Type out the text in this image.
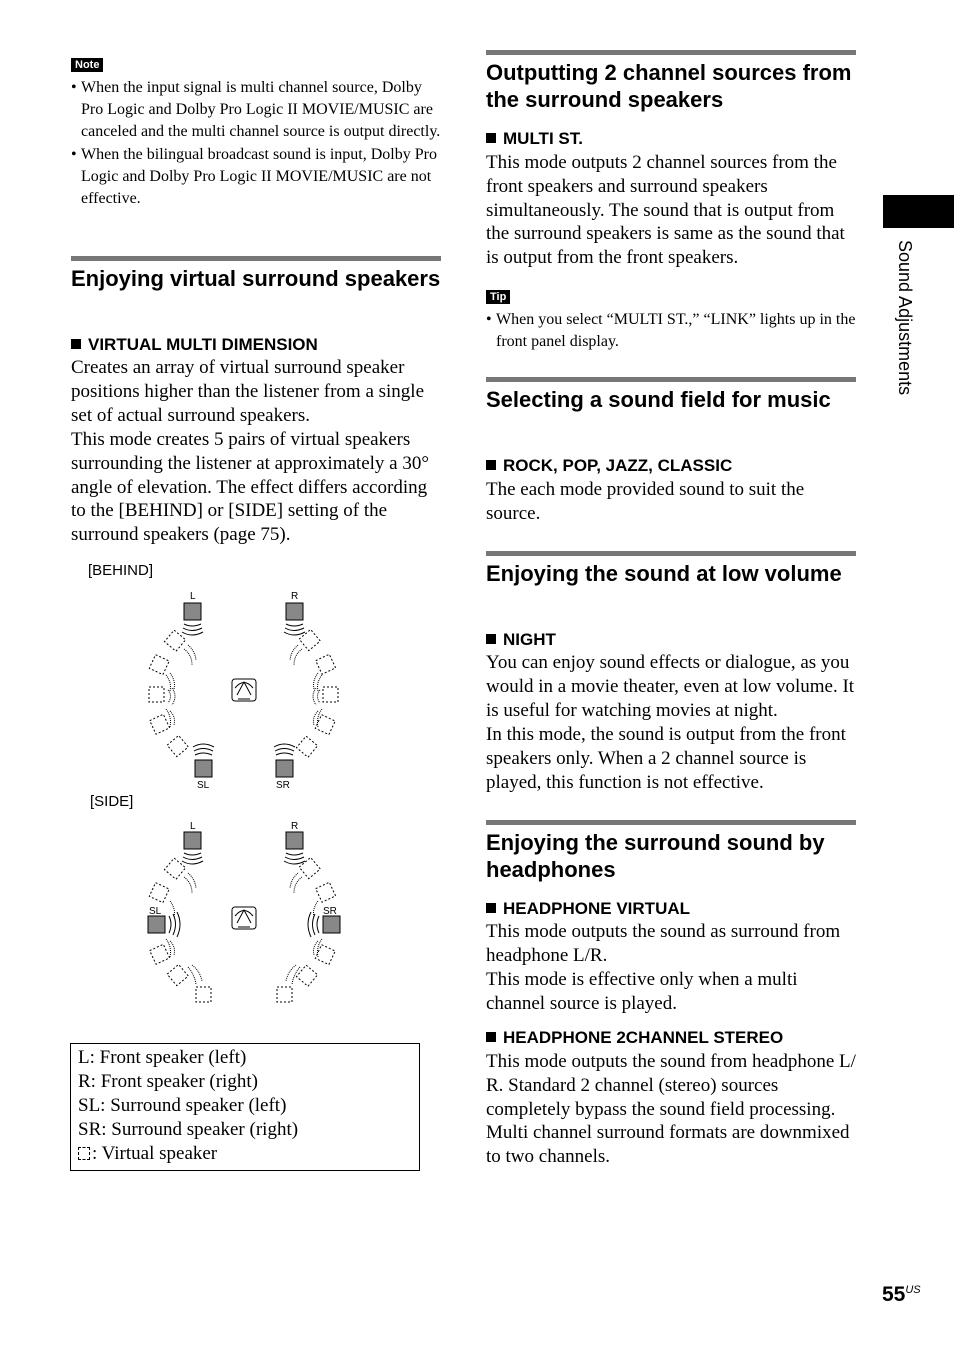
Sound Adjustments
Note
• When the input signal is multi channel source, Dolby Pro Logic and Dolby Pro Logic II MOVIE/MUSIC are canceled and the multi channel source is output directly.
• When the bilingual broadcast sound is input, Dolby Pro Logic and Dolby Pro Logic II MOVIE/MUSIC are not effective.
Enjoying virtual surround speakers
VIRTUAL MULTI DIMENSION

Creates an array of virtual surround speaker positions higher than the listener from a single set of actual surround speakers.

This mode creates 5 pairs of virtual speakers surrounding the listener at approximately a 30° angle of elevation. The effect differs according to the [BEHIND] or [SIDE] setting of the surround speakers (page 75).

[BEHIND]
[SIDE]
L	R
SL	SR
L	R
SL	SR
L: Front speaker (left)
R: Front speaker (right)
SL: Surround speaker (left)
SR: Surround speaker (right)
: Virtual speaker
Outputting 2 channel sources from the surround speakers
MULTI ST.

This mode outputs 2 channel sources from the front speakers and surround speakers simultaneously. The sound that is output from the surround speakers is same as the sound that is output from the front speakers.

Tip
• When you select “MULTI ST.,” “LINK” lights up in the front panel display.
Selecting a sound field for music
ROCK, POP, JAZZ, CLASSIC

The each mode provided sound to suit the source.

Enjoying the sound at low volume
NIGHT

You can enjoy sound effects or dialogue, as you would in a movie theater, even at low volume. It is useful for watching movies at night.

In this mode, the sound is output from the front speakers only. When a 2 channel source is played, this function is not effective.

Enjoying the surround sound by headphones
HEADPHONE VIRTUAL

This mode outputs the sound as surround from headphone L/R.

This mode is effective only when a multi channel source is played.

HEADPHONE 2CHANNEL STEREO

This mode outputs the sound from headphone L/ R. Standard 2 channel (stereo) sources completely bypass the sound field processing. Multi channel surround formats are downmixed to two channels.

$55^{US}$
